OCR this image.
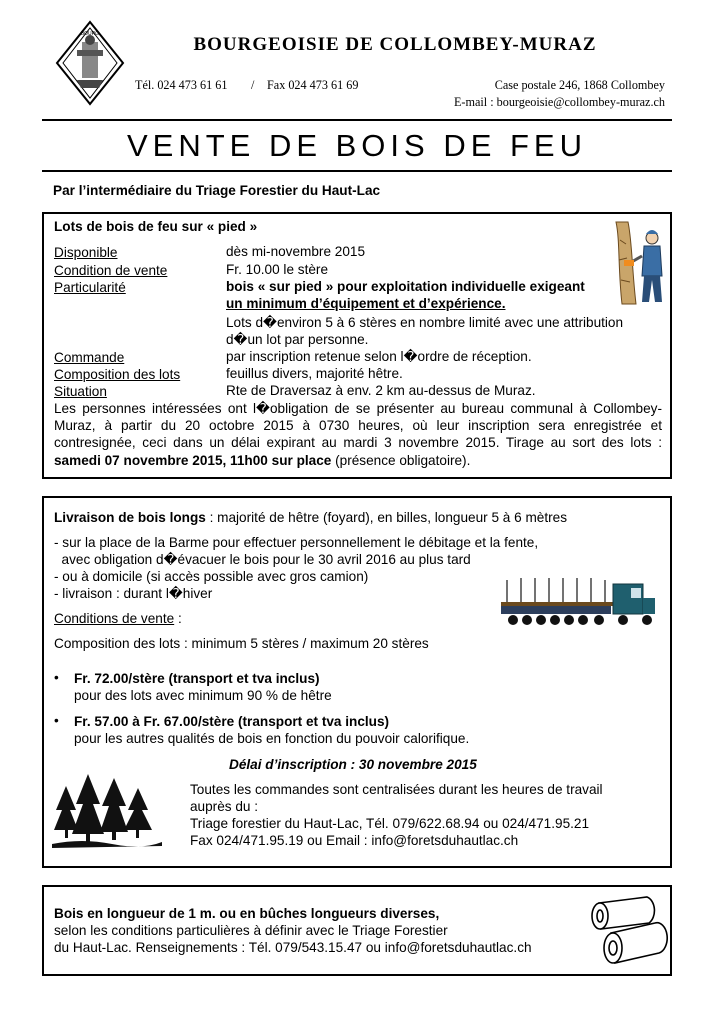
BOURG	BOURGEOISIE DE COLLOMBEY-MURAZ
Tél. 024 473 61 61 / Fax 024 473 61 69	Case postale 246, 1868 Collombey
E-mail : bourgeoisie@collombey-muraz.ch
VENTE DE BOIS DE FEU
Par l’intermédiaire du Triage Forestier du Haut-Lac
Lots de bois de feu sur « pied »
Disponible	dès mi-novembre 2015
Condition de vente	Fr. 10.00 le stère
Particularité	bois « sur pied » pour exploitation individuelle exigeant
un minimum d’équipement et d’expérience.
Lots d�environ 5 à 6 stères en nombre limité avec une attribution
d�un lot par personne.
Commande	par inscription retenue selon l�ordre de réception.
Composition des lots	feuillus divers, majorité hêtre.
Situation	Rte de Draversaz à env. 2 km au-dessus de Muraz.
Les personnes intéressées ont l�obligation de se présenter au bureau communal à Collombey-Muraz, à partir du 20 octobre 2015 à 0730 heures, où leur inscription sera enregistrée et contresignée, ceci dans un délai expirant au mardi 3 novembre 2015. Tirage au sort des lots : samedi 07 novembre 2015, 11h00 sur place (présence obligatoire).
Livraison de bois longs : majorité de hêtre (foyard), en billes, longueur 5 à 6 mètres
- sur la place de la Barme pour effectuer personnellement le débitage et la fente,
avec obligation d�évacuer le bois pour le 30 avril 2016 au plus tard
- ou à domicile (si accès possible avec gros camion)
- livraison : durant l�hiver
Conditions de vente :
Composition des lots : minimum 5 stères / maximum 20 stères
• Fr. 72.00/stère (transport et tva inclus)
pour des lots avec minimum 90 % de hêtre
• Fr. 57.00 à Fr. 67.00/stère (transport et tva inclus)
pour les autres qualités de bois en fonction du pouvoir calorifique.
Délai d’inscription : 30 novembre 2015
Toutes les commandes sont centralisées durant les heures de travail
auprès du :
Triage forestier du Haut-Lac, Tél. 079/622.68.94 ou 024/471.95.21
Fax 024/471.95.19 ou Email : info@foretsduhautlac.ch
Bois en longueur de 1 m. ou en bûches longueurs diverses,
selon les conditions particulières à définir avec le Triage Forestier
du Haut-Lac. Renseignements : Tél. 079/543.15.47 ou info@foretsduhautlac.ch
